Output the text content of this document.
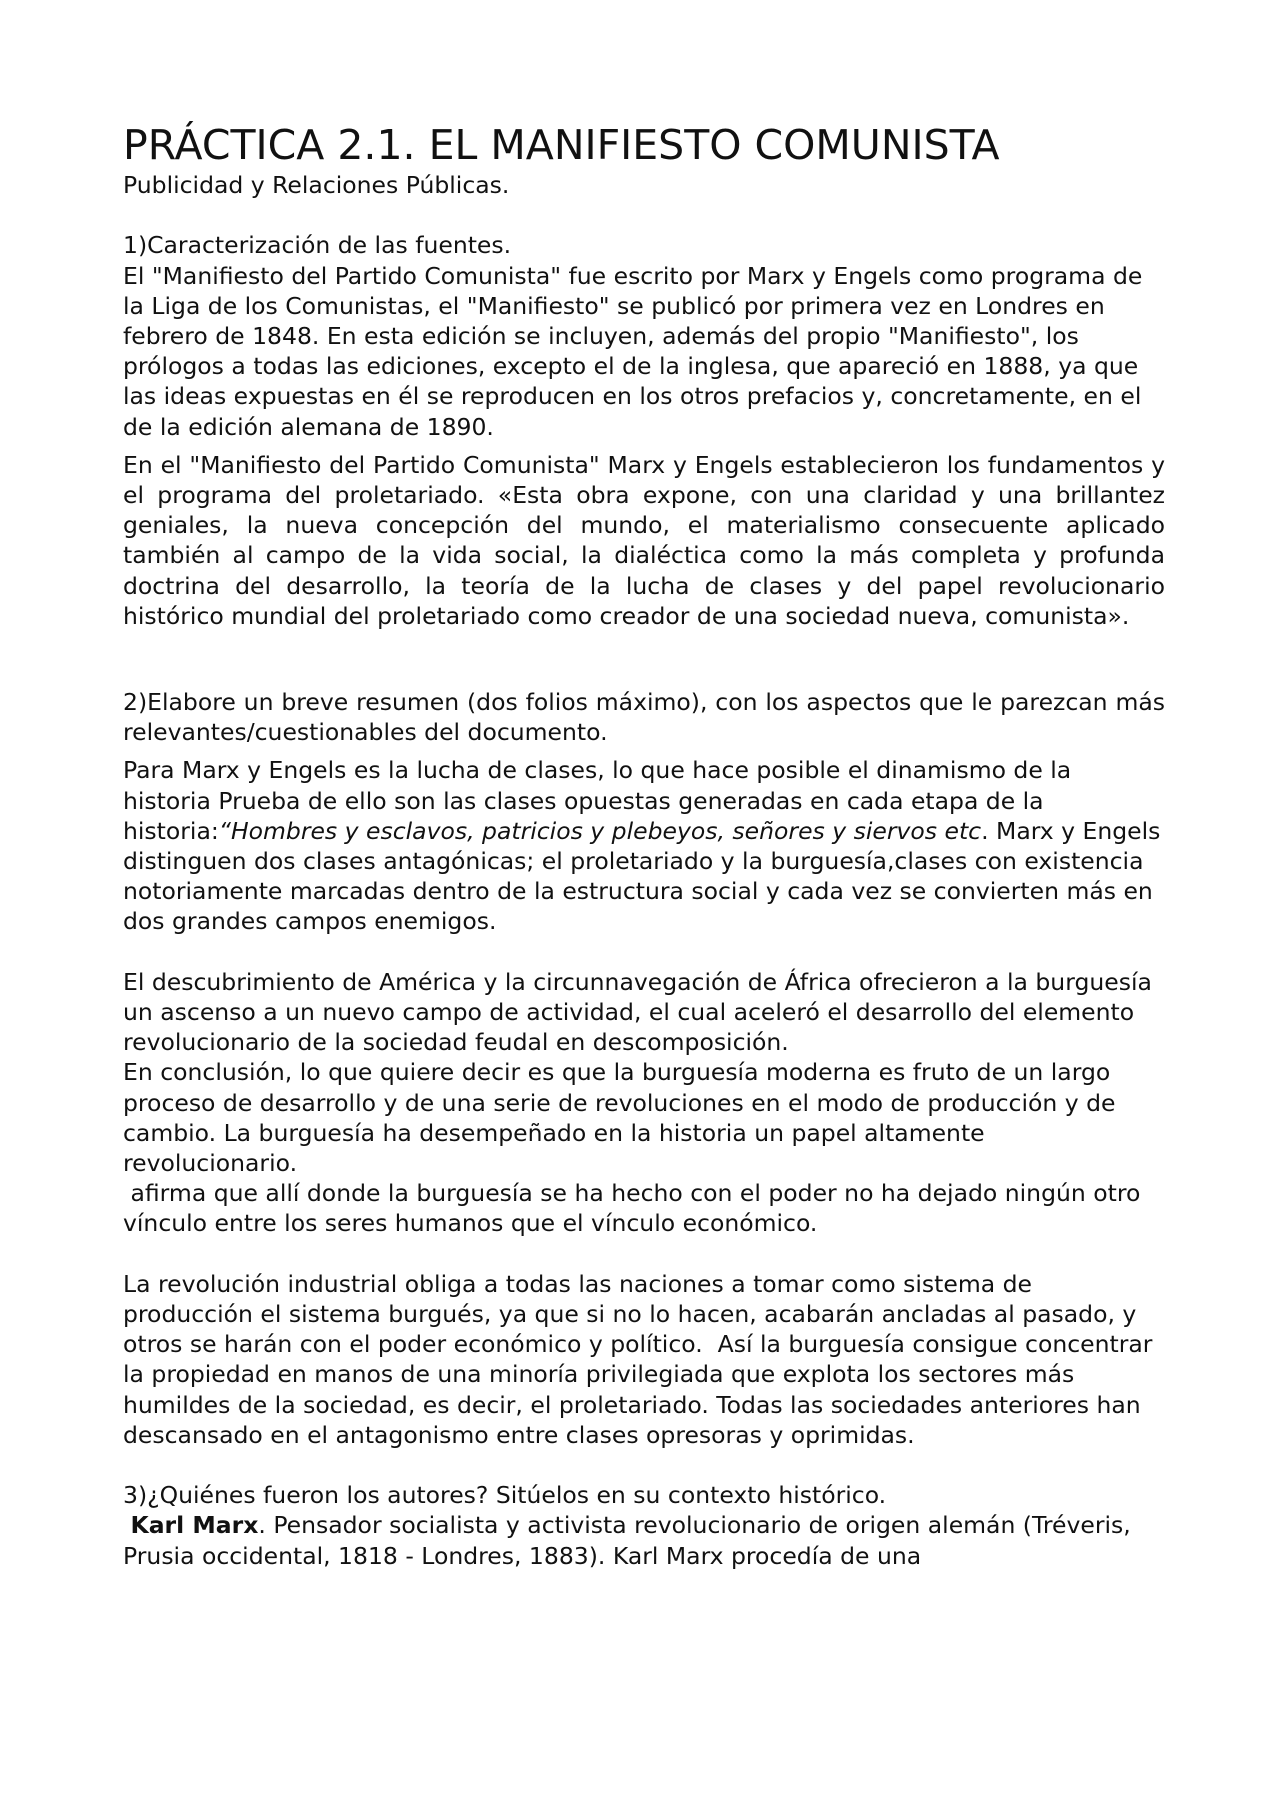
PRÁCTICA 2.1. EL MANIFIESTO COMUNISTA

Publicidad y Relaciones Públicas.

1)Caracterización de las fuentes.

El "Manifiesto del Partido Comunista" fue escrito por Marx y Engels como programa de la Liga de los Comunistas, el "Manifiesto" se publicó por primera vez en Londres en febrero de 1848. En esta edición se incluyen, además del propio "Manifiesto", los prólogos a todas las ediciones, excepto el de la inglesa, que apareció en 1888, ya que las ideas expuestas en él se reproducen en los otros prefacios y, concretamente, en el de la edición alemana de 1890.

En el "Manifiesto del Partido Comunista" Marx y Engels establecieron los fundamentos y el programa del proletariado. «Esta obra expone, con una claridad y una brillantez geniales, la nueva concepción del mundo, el materialismo consecuente aplicado también al campo de la vida social, la dialéctica como la más completa y profunda doctrina del desarrollo, la teoría de la lucha de clases y del papel revolucionario histórico mundial del proletariado como creador de una sociedad nueva, comunista».

2)Elabore un breve resumen (dos folios máximo), con los aspectos que le parezcan más relevantes/cuestionables del documento.

Para Marx y Engels es la lucha de clases, lo que hace posible el dinamismo de la historia Prueba de ello son las clases opuestas generadas en cada etapa de la historia:“Hombres y esclavos, patricios y plebeyos, señores y siervos etc. Marx y Engels distinguen dos clases antagónicas; el proletariado y la burguesía,clases con existencia notoriamente marcadas dentro de la estructura social y cada vez se convierten más en dos grandes campos enemigos.

El descubrimiento de América y la circunnavegación de África ofrecieron a la burguesía un ascenso a un nuevo campo de actividad, el cual aceleró el desarrollo del elemento revolucionario de la sociedad feudal en descomposición.

En conclusión, lo que quiere decir es que la burguesía moderna es fruto de un largo proceso de desarrollo y de una serie de revoluciones en el modo de producción y de cambio. La burguesía ha desempeñado en la historia un papel altamente revolucionario.

afirma que allí donde la burguesía se ha hecho con el poder no ha dejado ningún otro vínculo entre los seres humanos que el vínculo económico.

La revolución industrial obliga a todas las naciones a tomar como sistema de producción el sistema burgués, ya que si no lo hacen, acabarán ancladas al pasado, y otros se harán con el poder económico y político.  Así la burguesía consigue concentrar la propiedad en manos de una minoría privilegiada que explota los sectores más humildes de la sociedad, es decir, el proletariado. Todas las sociedades anteriores han descansado en el antagonismo entre clases opresoras y oprimidas.

3)¿Quiénes fueron los autores? Sitúelos en su contexto histórico.

Karl Marx. Pensador socialista y activista revolucionario de origen alemán (Tréveris, Prusia occidental, 1818 - Londres, 1883). Karl Marx procedía de una
